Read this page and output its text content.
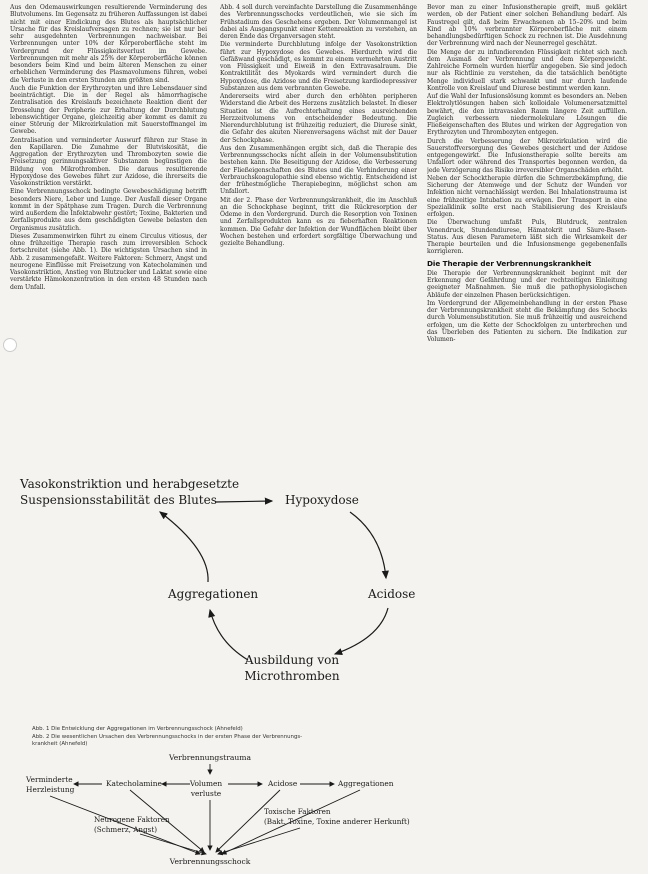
Aus den Ödemauswirkungen resultierende Verminderung des Blutvolumens. Im Gegensatz zu früheren Auffassungen ist dabei nicht mit einer Eindickung des Blutes als hauptsächlicher Ursache für das Kreislaufversagen zu rechnen; sie ist nur bei sehr ausgedehnten Verbrennungen nachweisbar. Bei Verbrennungen unter 10% der Körperoberfläche steht im Vordergrund der Flüssigkeitsverlust im Gewebe. Verbrennungen mit mehr als 25% der Körperoberfläche können besonders beim Kind und beim älteren Menschen zu einer erheblichen Verminderung des Plasmavolumens führen, wobei die Verluste in den ersten Stunden am größten sind.

Auch die Funktion der Erythrozyten und ihre Lebensdauer sind beeinträchtigt. Die in der Regel als hämorrhagische Zentralisation des Kreislaufs bezeichnete Reaktion dient der Drosselung der Peripherie zur Erhaltung der Durchblutung lebenswichtiger Organe, gleichzeitig aber kommt es damit zu einer Störung der Mikrozirkulation mit Sauerstoffmangel im Gewebe.

Zentralisation und verminderter Auswurf führen zur Stase in den Kapillaren. Die Zunahme der Blutviskosität, die Aggregation der Erythrozyten und Thrombozyten sowie die Freisetzung gerinnungsaktiver Substanzen begünstigen die Bildung von Mikrothromben. Die daraus resultierende Hypoxydose des Gewebes führt zur Azidose, die ihrerseits die Vasokonstriktion verstärkt.

Eine Verbrennungsschock bedingte Gewebeschädigung betrifft besonders Niere, Leber und Lunge. Der Ausfall dieser Organe kommt in der Spätphase zum Tragen. Durch die Verbrennung wird außerdem die Infektabwehr gestört; Toxine, Bakterien und Zerfallsprodukte aus dem geschädigten Gewebe belasten den Organismus zusätzlich.

Dieses Zusammenwirken führt zu einem Circulus vitiosus, der ohne frühzeitige Therapie rasch zum irreversiblen Schock fortschreitet (siehe Abb. 1). Die wichtigsten Ursachen sind in Abb. 2 zusammengefaßt. Weitere Faktoren: Schmerz, Angst und neurogene Einflüsse mit Freisetzung von Katecholaminen und Vasokonstriktion, Anstieg von Blutzucker und Laktat sowie eine verstärkte Hämokonzentration in den ersten 48 Stunden nach dem Unfall.

Abb. 4 soll durch vereinfachte Darstellung die Zusammenhänge des Verbrennungsschocks verdeutlichen, wie sie sich im Frühstadium des Geschehens ergeben. Der Volumenmangel ist dabei als Ausgangspunkt einer Kettenreaktion zu verstehen, an deren Ende das Organversagen steht.

Die verminderte Durchblutung infolge der Vasokonstriktion führt zur Hypoxydose des Gewebes. Hierdurch wird die Gefäßwand geschädigt, es kommt zu einem vermehrten Austritt von Flüssigkeit und Eiweiß in den Extravasalraum. Die Kontraktilität des Myokards wird vermindert durch die Hypoxydose, die Azidose und die Freisetzung kardiodepressiver Substanzen aus dem verbrannten Gewebe.

Andererseits wird aber durch den erhöhten peripheren Widerstand die Arbeit des Herzens zusätzlich belastet. In dieser Situation ist die Aufrechterhaltung eines ausreichenden Herzzeitvolumens von entscheidender Bedeutung. Die Nierendurchblutung ist frühzeitig reduziert, die Diurese sinkt, die Gefahr des akuten Nierenversagens wächst mit der Dauer der Schockphase.

Aus den Zusammenhängen ergibt sich, daß die Therapie des Verbrennungsschocks nicht allein in der Volumensubstitution bestehen kann. Die Beseitigung der Azidose, die Verbesserung der Fließeigenschaften des Blutes und die Verhinderung einer Verbrauchskoagulopathie sind ebenso wichtig. Entscheidend ist der frühestmögliche Therapiebeginn, möglichst schon am Unfallort.

Mit der 2. Phase der Verbrennungskrankheit, die im Anschluß an die Schockphase beginnt, tritt die Rückresorption der Ödeme in den Vordergrund. Durch die Resorption von Toxinen und Zerfallsprodukten kann es zu fieberhaften Reaktionen kommen. Die Gefahr der Infektion der Wundflächen bleibt über Wochen bestehen und erfordert sorgfältige Überwachung und gezielte Behandlung.

Bevor man zu einer Infusionstherapie greift, muß geklärt werden, ob der Patient einer solchen Behandlung bedarf. Als Faustregel gilt, daß beim Erwachsenen ab 15–20% und beim Kind ab 10% verbrannter Körperoberfläche mit einem behandlungsbedürftigen Schock zu rechnen ist. Die Ausdehnung der Verbrennung wird nach der Neunerregel geschätzt.

Die Menge der zu infundierenden Flüssigkeit richtet sich nach dem Ausmaß der Verbrennung und dem Körpergewicht. Zahlreiche Formeln wurden hierfür angegeben. Sie sind jedoch nur als Richtlinie zu verstehen, da die tatsächlich benötigte Menge individuell stark schwankt und nur durch laufende Kontrolle von Kreislauf und Diurese bestimmt werden kann.

Auf die Wahl der Infusionslösung kommt es besonders an. Neben Elektrolytlösungen haben sich kolloidale Volumenersatzmittel bewährt, die den intravasalen Raum längere Zeit auffüllen. Zugleich verbessern niedermolekulare Lösungen die Fließeigenschaften des Blutes und wirken der Aggregation von Erythrozyten und Thrombozyten entgegen.

Durch die Verbesserung der Mikrozirkulation wird die Sauerstoffversorgung des Gewebes gesichert und der Azidose entgegengewirkt. Die Infusionstherapie sollte bereits am Unfallort oder während des Transportes begonnen werden, da jede Verzögerung das Risiko irreversibler Organschäden erhöht.

Neben der Schocktherapie dürfen die Schmerzbekämpfung, die Sicherung der Atemwege und der Schutz der Wunden vor Infektion nicht vernachlässigt werden. Bei Inhalationstrauma ist eine frühzeitige Intubation zu erwägen. Der Transport in eine Spezialklinik sollte erst nach Stabilisierung des Kreislaufs erfolgen.

Die Überwachung umfaßt Puls, Blutdruck, zentralen Venendruck, Stundendiurese, Hämatokrit und Säure-Basen-Status. Aus diesen Parametern läßt sich die Wirksamkeit der Therapie beurteilen und die Infusionsmenge gegebenenfalls korrigieren.

Die Therapie der Verbrennungskrankheit

Die Therapie der Verbrennungskrankheit beginnt mit der Erkennung der Gefährdung und der rechtzeitigen Einleitung geeigneter Maßnahmen. Sie muß die pathophysiologischen Abläufe der einzelnen Phasen berücksichtigen.

Im Vordergrund der Allgemeinbehandlung in der ersten Phase der Verbrennungskrankheit steht die Bekämpfung des Schocks durch Volumensubstitution. Sie muß frühzeitig und ausreichend erfolgen, um die Kette der Schockfolgen zu unterbrechen und das Überleben des Patienten zu sichern. Die Indikation zur Volumen-

Vasokonstriktion und herabgesetzte
Suspensionsstabilität des Blutes	Hypoxydose
Aggregationen	Acidose
Ausbildung von
Microthromben
Abb. 1 Die Entwicklung der Aggregationen im Verbrennungsschock (Ahnefeld)
Abb. 2 Die wesentlichen Ursachen des Verbrennungsschocks in der ersten Phase der Verbrennungs-
krankheit (Ahnefeld)
Verbrennungstrauma
Verminderte
Herzleistung
Katecholamine	Volumen
verluste
Acidose	Aggregationen
Neurogene Faktoren
(Schmerz, Angst)
Toxische Faktoren
(Bakt. Toxine, Toxine anderer Herkunft)
Verbrennungsschock
